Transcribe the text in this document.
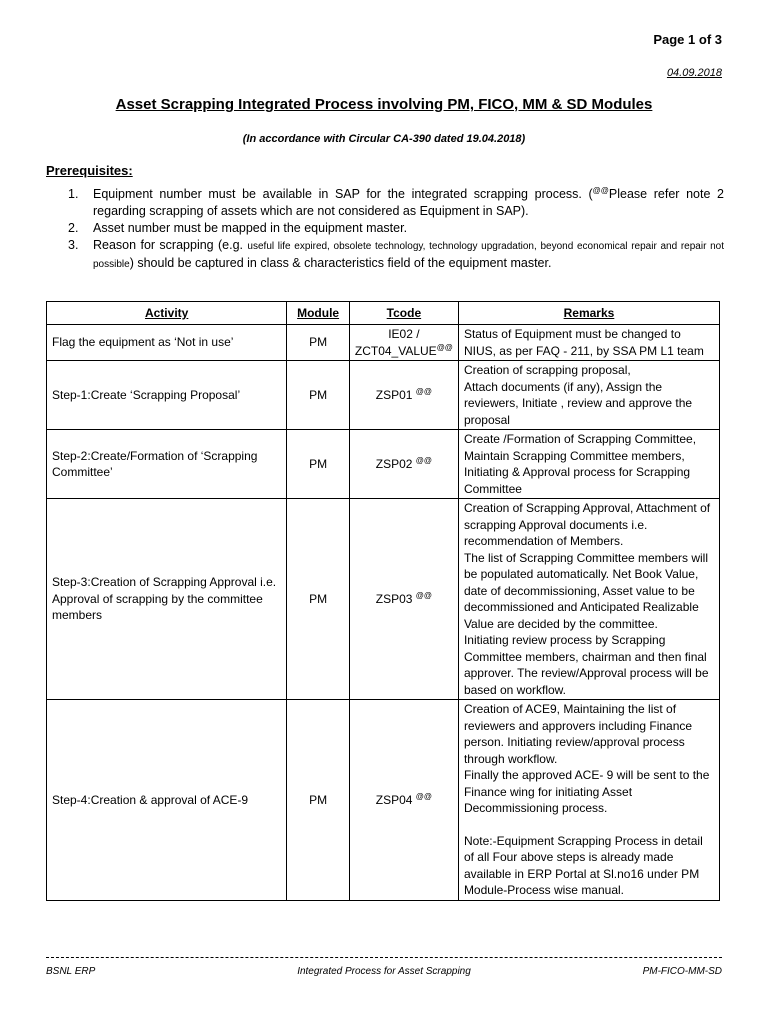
Page 1 of 3
04.09.2018
Asset Scrapping Integrated Process involving PM, FICO, MM & SD Modules
(In accordance with Circular CA-390 dated 19.04.2018)
Prerequisites:
1. Equipment number must be available in SAP for the integrated scrapping process. (@@Please refer note 2 regarding scrapping of assets which are not considered as Equipment in SAP).
2. Asset number must be mapped in the equipment master.
3. Reason for scrapping (e.g. useful life expired, obsolete technology, technology upgradation, beyond economical repair and repair not possible) should be captured in class & characteristics field of the equipment master.
Activity	Module	Tcode	Remarks
Flag the equipment as ‘Not in use’	PM	IE02 / ZCT04_VALUE@@	Status of Equipment must be changed to NIUS, as per FAQ - 211, by SSA PM L1 team

Step-1:Create ‘Scrapping Proposal’	PM	ZSP01 @@	Creation of scrapping proposal,
Attach documents (if any), Assign the reviewers, Initiate , review and approve the proposal

Step-2:Create/Formation of ‘Scrapping Committee’	PM	ZSP02 @@	Create /Formation of Scrapping Committee, Maintain Scrapping Committee members, Initiating & Approval process for Scrapping Committee

Step-3:Creation of Scrapping Approval i.e. Approval of scrapping by the committee members	PM	ZSP03 @@	Creation of Scrapping Approval, Attachment of scrapping Approval documents i.e. recommendation of Members.
The list of Scrapping Committee members will be populated automatically. Net Book Value, date of decommissioning, Asset value to be decommissioned and Anticipated Realizable Value are decided by the committee.
Initiating review process by Scrapping Committee members, chairman and then final approver. The review/Approval process will be based on workflow.

Step-4:Creation & approval of ACE-9	PM	ZSP04 @@	Creation of ACE9, Maintaining the list of reviewers and approvers including Finance person. Initiating review/approval process through workflow.
Finally the approved ACE- 9 will be sent to the Finance wing for initiating Asset Decommissioning process.
Note:-Equipment Scrapping Process in detail of all Four above steps is already made available in ERP Portal at Sl.no16 under PM Module-Process wise manual.
BSNL ERP	Integrated Process for Asset Scrapping	PM-FICO-MM-SD
